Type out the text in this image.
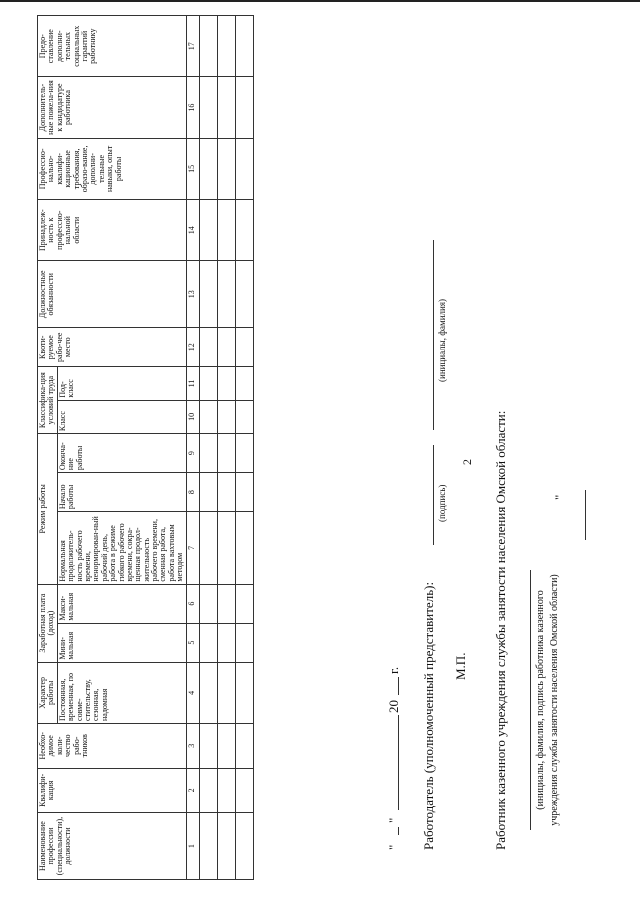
2
Наименование профессии (специальности), должности	Квалифи-кация	Необхо-димое коли-чество рабо-тников	Характер работы	Заработная плата (доход)		Режим работы			Классифика-ция условий труда		Квоти-руемое рабо-чее место	Должностные обязанности	Принадлеж-ность к профессио-нальной области	Профессио-нально-квалифи-кационные требования, образо-вание, дополни-тельные навыки, опыт работы	Дополнитель-ные пожела-ния к кандидатуре работника	Предо-ставление дополни-тельных социальных гарантий работнику
			Постоянная, временная, по совме-стительству, сезонная, надомная	Мини-мальная	Макси-мальная	Нормальная продолжитель-ность рабочего времени, ненормирован-ный рабочий день, работа в режиме гибкого рабочего времени, сокра-щенная продол-жительность рабочего времени, сменная работа, работа вахтовым методом	Начало работы	Оконча-ние работы	Класс	Под-класс						
1	2	3	4	5	6	7	8	9	10	11	12	13	14	15	16	17

"
"
20
г. Работодатель (уполномоченный представитель):
(подпись)
(инициалы, фамилия)
М.П. Работник казенного учреждения службы занятости населения Омской области:	(инициалы, фамилия, подпись работника казенного учреждения службы занятости населения Омской области)
"
